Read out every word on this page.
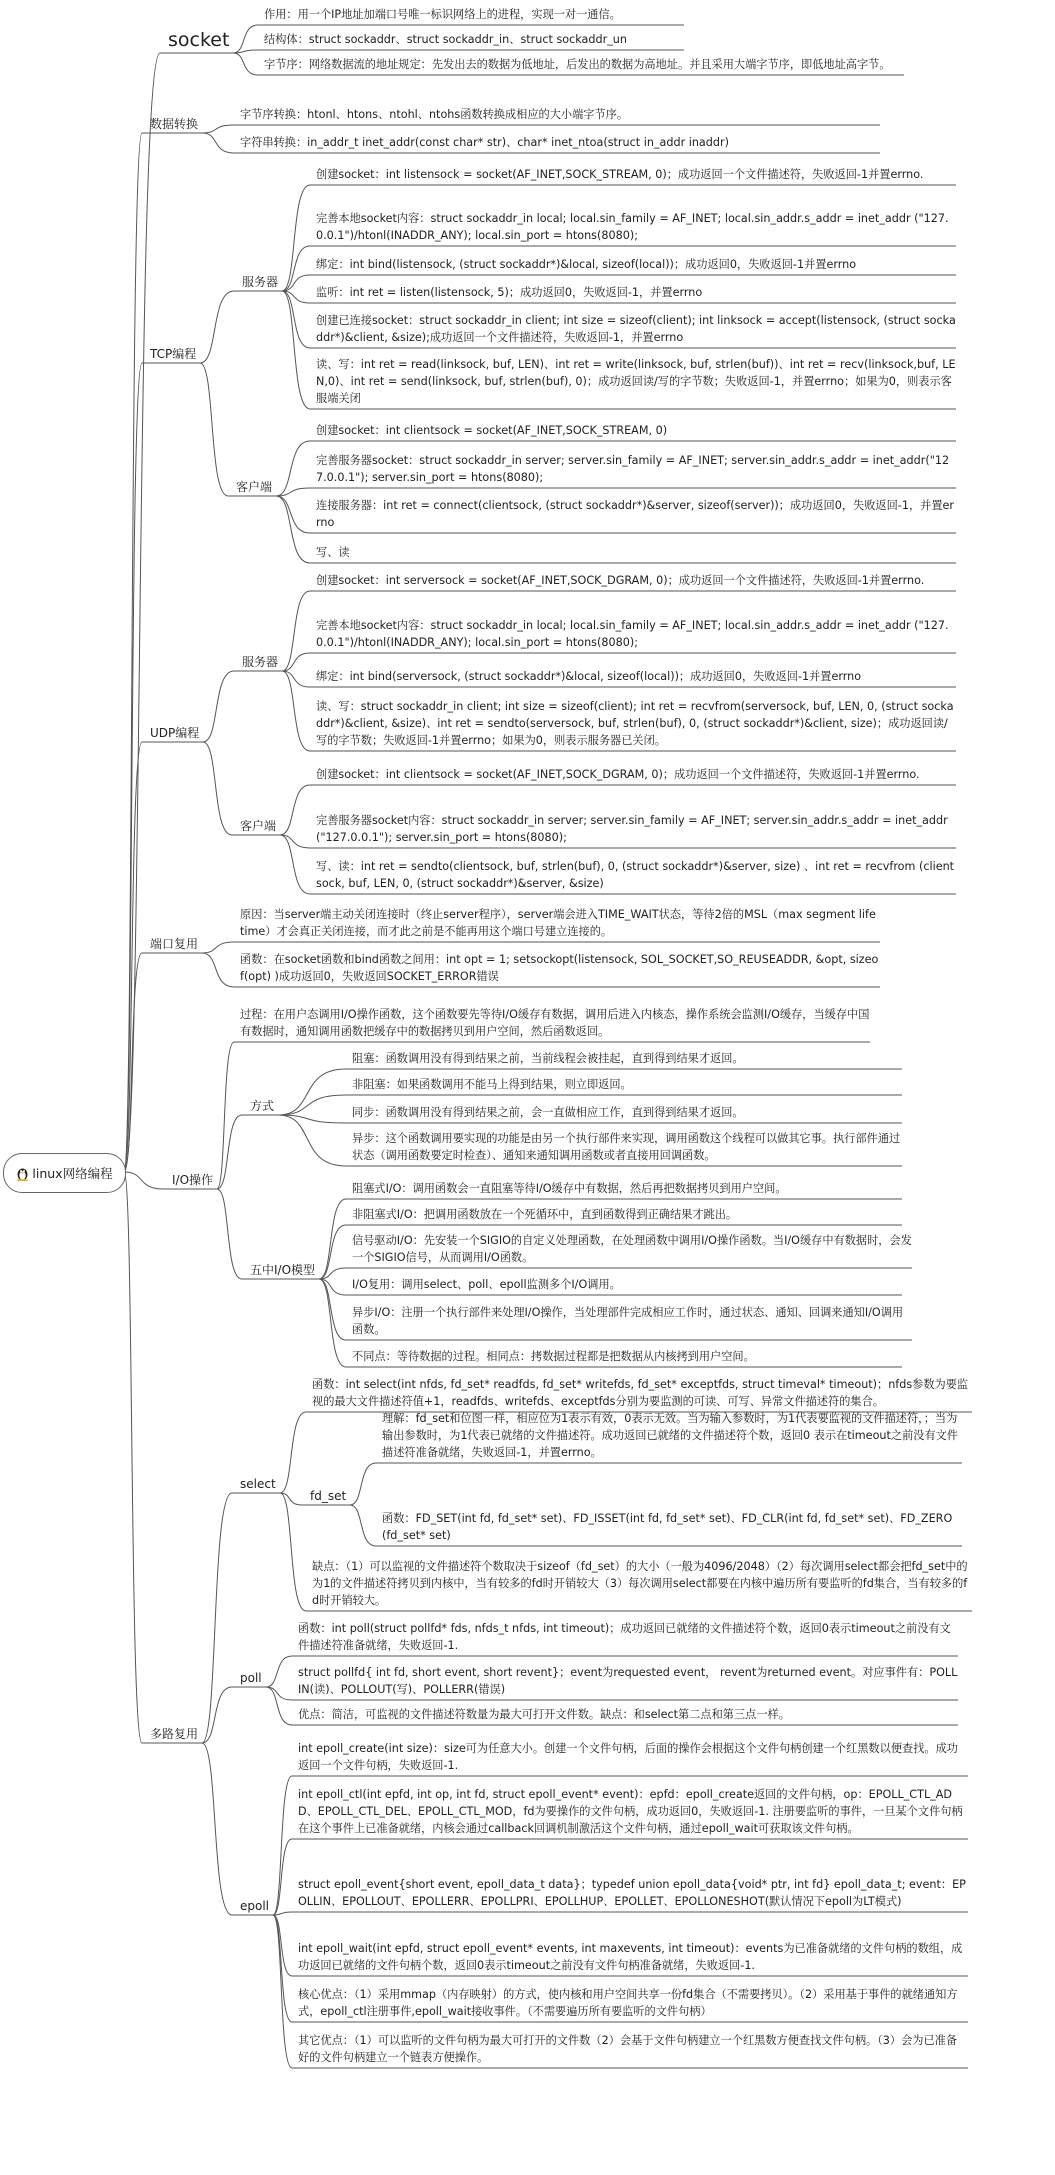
linux网络编程
socket
作用：用一个IP地址加端口号唯一标识网络上的进程，实现一对一通信。
结构体：struct sockaddr、struct sockaddr_in、struct sockaddr_un
字节序：网络数据流的地址规定：先发出去的数据为低地址，后发出的数据为高地址。并且采用大端字节序，即低地址高字节。
数据转换
字节序转换：htonl、htons、ntohl、ntohs函数转换成相应的大小端字节序。
字符串转换：in_addr_t inet_addr(const char* str)、char* inet_ntoa(struct in_addr inaddr)
TCP编程
服务器
创建socket：int listensock = socket(AF_INET,SOCK_STREAM, 0)；成功返回一个文件描述符，失败返回-1并置errno.
完善本地socket内容：struct sockaddr_in local; local.sin_family = AF_INET; local.sin_addr.s_addr = inet_addr ("127.0.0.1")/htonl(INADDR_ANY); local.sin_port = htons(8080);
绑定：int bind(listensock, (struct sockaddr*)&local, sizeof(local))；成功返回0，失败返回-1并置errno
监听：int ret = listen(listensock, 5)；成功返回0，失败返回-1，并置errno
创建已连接socket：struct sockaddr_in client; int size = sizeof(client); int linksock = accept(listensock, (struct sockaddr*)&client, &size);成功返回一个文件描述符，失败返回-1，并置errno
读、写：int ret = read(linksock, buf, LEN)、int ret = write(linksock, buf, strlen(buf))、int ret = recv(linksock,buf, LEN,0)、int ret = send(linksock, buf, strlen(buf), 0)；成功返回读/写的字节数；失败返回-1，并置errno；如果为0，则表示客服端关闭
客户端
创建socket：int clientsock = socket(AF_INET,SOCK_STREAM, 0)
完善服务器socket：struct sockaddr_in server; server.sin_family = AF_INET; server.sin_addr.s_addr = inet_addr("127.0.0.1"); server.sin_port = htons(8080);
连接服务器：int ret = connect(clientsock, (struct sockaddr*)&server, sizeof(server))；成功返回0，失败返回-1，并置errno
写、读
UDP编程
服务器
创建socket：int serversock = socket(AF_INET,SOCK_DGRAM, 0)；成功返回一个文件描述符，失败返回-1并置errno.
完善本地socket内容：struct sockaddr_in local; local.sin_family = AF_INET; local.sin_addr.s_addr = inet_addr ("127.0.0.1")/htonl(INADDR_ANY); local.sin_port = htons(8080);
绑定：int bind(serversock, (struct sockaddr*)&local, sizeof(local))；成功返回0，失败返回-1并置errno
读、写：struct sockaddr_in client; int size = sizeof(client); int ret = recvfrom(serversock, buf, LEN, 0, (struct sockaddr*)&client, &size)、int ret = sendto(serversock, buf, strlen(buf), 0, (struct sockaddr*)&client, size)；成功返回读/写的字节数；失败返回-1并置errno；如果为0，则表示服务器已关闭。
客户端
创建socket：int clientsock = socket(AF_INET,SOCK_DGRAM, 0)；成功返回一个文件描述符，失败返回-1并置errno.
完善服务器socket内容：struct sockaddr_in server; server.sin_family = AF_INET; server.sin_addr.s_addr = inet_addr("127.0.0.1"); server.sin_port = htons(8080);
写、读：int ret = sendto(clientsock, buf, strlen(buf), 0, (struct sockaddr*)&server, size) 、int ret = recvfrom (clientsock, buf, LEN, 0, (struct sockaddr*)&server, &size)
端口复用
原因：当server端主动关闭连接时（终止server程序），server端会进入TIME_WAIT状态，等待2倍的MSL（max segment lifetime）才会真正关闭连接，而才此之前是不能再用这个端口号建立连接的。
函数：在socket函数和bind函数之间用：int opt = 1; setsockopt(listensock, SOL_SOCKET,SO_REUSEADDR, &opt, sizeof(opt) )成功返回0，失败返回SOCKET_ERROR错误
I/O操作
过程：在用户态调用I/O操作函数，这个函数要先等待I/O缓存有数据，调用后进入内核态，操作系统会监测I/O缓存，当缓存中国有数据时，通知调用函数把缓存中的数据拷贝到用户空间，然后函数返回。
方式
阻塞：函数调用没有得到结果之前，当前线程会被挂起，直到得到结果才返回。
非阻塞：如果函数调用不能马上得到结果，则立即返回。
同步：函数调用没有得到结果之前，会一直做相应工作，直到得到结果才返回。
异步：这个函数调用要实现的功能是由另一个执行部件来实现，调用函数这个线程可以做其它事。执行部件通过状态（调用函数要定时检查）、通知来通知调用函数或者直接用回调函数。
五中I/O模型
阻塞式I/O：调用函数会一直阻塞等待I/O缓存中有数据，然后再把数据拷贝到用户空间。
非阻塞式I/O：把调用函数放在一个死循环中，直到函数得到正确结果才跳出。
信号驱动I/O：先安装一个SIGIO的自定义处理函数，在处理函数中调用I/O操作函数。当I/O缓存中有数据时，会发一个SIGIO信号，从而调用I/O函数。
I/O复用：调用select、poll、epoll监测多个I/O调用。
异步I/O：注册一个执行部件来处理I/O操作，当处理部件完成相应工作时，通过状态、通知、回调来通知I/O调用函数。
不同点：等待数据的过程。相同点：拷数据过程都是把数据从内核拷到用户空间。
多路复用
select
函数：int select(int nfds, fd_set* readfds, fd_set* writefds, fd_set* exceptfds, struct timeval* timeout)；nfds参数为要监视的最大文件描述符值+1，readfds、writefds、exceptfds分别为要监测的可读、可写、异常文件描述符的集合。
fd_set
理解：fd_set和位图一样，相应位为1表示有效，0表示无效。当为输入参数时，为1代表要监视的文件描述符，；当为输出参数时，为1代表已就绪的文件描述符。成功返回已就绪的文件描述符个数，返回0 表示在timeout之前没有文件描述符准备就绪，失败返回-1，并置errno。
函数：FD_SET(int fd, fd_set* set)、FD_ISSET(int fd, fd_set* set)、FD_CLR(int fd, fd_set* set)、FD_ZERO (fd_set* set)
缺点：（1）可以监视的文件描述符个数取决于sizeof（fd_set）的大小（一般为4096/2048）（2）每次调用select都会把fd_set中的为1的文件描述符拷贝到内核中，当有较多的fd时开销较大（3）每次调用select都要在内核中遍历所有要监听的fd集合，当有较多的fd时开销较大。
poll
函数：int poll(struct pollfd* fds, nfds_t nfds, int timeout)；成功返回已就绪的文件描述符个数，返回0表示timeout之前没有文件描述符准备就绪，失败返回-1.
struct pollfd{ int fd, short event, short revent}；event为requested event， revent为returned event。对应事件有：POLLIN(读)、POLLOUT(写)、POLLERR(错误)
优点：简洁，可监视的文件描述符数量为最大可打开文件数。缺点：和select第二点和第三点一样。
epoll
int epoll_create(int size)：size可为任意大小。创建一个文件句柄，后面的操作会根据这个文件句柄创建一个红黑数以便查找。成功返回一个文件句柄，失败返回-1.
int epoll_ctl(int epfd, int op, int fd, struct epoll_event* event)：epfd：epoll_create返回的文件句柄，op：EPOLL_CTL_ADD、EPOLL_CTL_DEL、EPOLL_CTL_MOD，fd为要操作的文件句柄，成功返回0，失败返回-1. 注册要监听的事件，一旦某个文件句柄在这个事件上已准备就绪，内核会通过callback回调机制激活这个文件句柄，通过epoll_wait可获取该文件句柄。
struct epoll_event{short event, epoll_data_t data}；typedef union epoll_data{void* ptr, int fd} epoll_data_t; event：EPOLLIN、EPOLLOUT、EPOLLERR、EPOLLPRI、EPOLLHUP、EPOLLET、EPOLLONESHOT(默认情况下epoll为LT模式)
int epoll_wait(int epfd, struct epoll_event* events, int maxevents, int timeout)：events为已准备就绪的文件句柄的数组，成功返回已就绪的文件句柄个数，返回0表示timeout之前没有文件句柄准备就绪，失败返回-1.
核心优点：（1）采用mmap（内存映射）的方式，使内核和用户空间共享一份fd集合（不需要拷贝）。（2）采用基于事件的就绪通知方式，epoll_ctl注册事件,epoll_wait接收事件。（不需要遍历所有要监听的文件句柄）
其它优点：（1）可以监听的文件句柄为最大可打开的文件数（2）会基于文件句柄建立一个红黑数方便查找文件句柄。（3）会为已准备好的文件句柄建立一个链表方便操作。
